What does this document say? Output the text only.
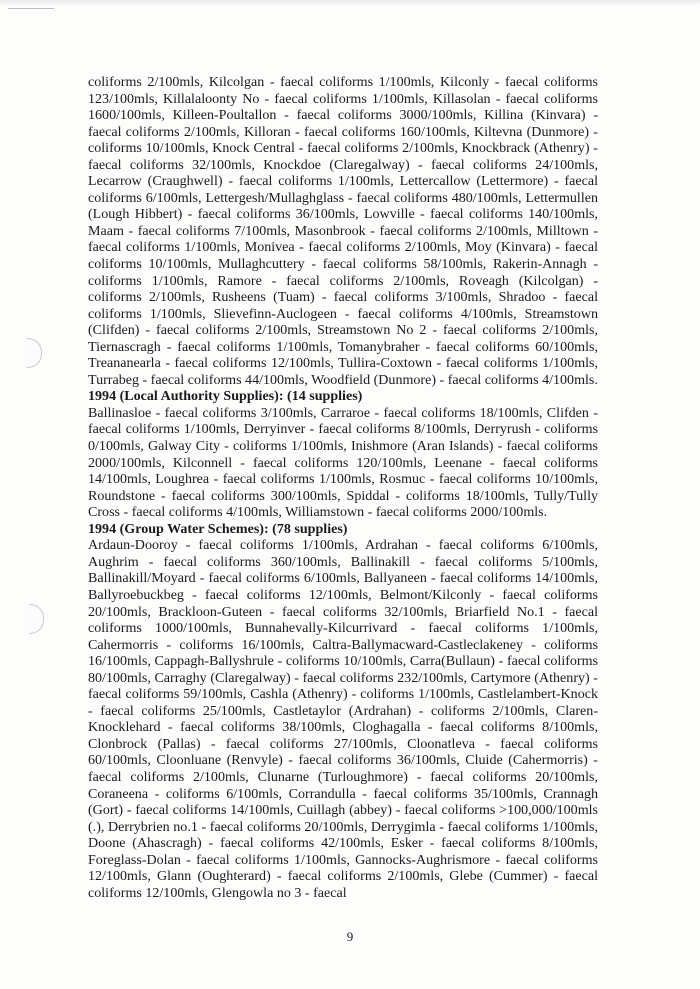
coliforms 2/100mls, Kilcolgan - faecal coliforms 1/100mls, Kilconly - faecal coliforms 123/100mls, Killalaloonty No - faecal coliforms 1/100mls, Killasolan - faecal coliforms 1600/100mls, Killeen-Poultallon - faecal coliforms 3000/100mls, Killina (Kinvara) - faecal coliforms 2/100mls, Killoran - faecal coliforms 160/100mls, Kiltevna (Dunmore) - coliforms 10/100mls, Knock Central - faecal coliforms 2/100mls, Knockbrack (Athenry) - faecal coliforms 32/100mls, Knockdoe (Claregalway) - faecal coliforms 24/100mls, Lecarrow (Craughwell) - faecal coliforms 1/100mls, Lettercallow (Lettermore) - faecal coliforms 6/100mls, Lettergesh/Mullaghglass - faecal coliforms 480/100mls, Lettermullen (Lough Hibbert) - faecal coliforms 36/100mls, Lowville - faecal coliforms 140/100mls, Maam - faecal coliforms 7/100mls, Masonbrook - faecal coliforms 2/100mls, Milltown - faecal coliforms 1/100mls, Monivea - faecal coliforms 2/100mls, Moy (Kinvara) - faecal coliforms 10/100mls, Mullaghcuttery - faecal coliforms 58/100mls, Rakerin-Annagh - coliforms 1/100mls, Ramore - faecal coliforms 2/100mls, Roveagh (Kilcolgan) - coliforms 2/100mls, Rusheens (Tuam) - faecal coliforms 3/100mls, Shradoo - faecal coliforms 1/100mls, Slievefinn-Auclogeen - faecal coliforms 4/100mls, Streamstown (Clifden) - faecal coliforms 2/100mls, Streamstown No 2 - faecal coliforms 2/100mls, Tiernascragh - faecal coliforms 1/100mls, Tomanybraher - faecal coliforms 60/100mls, Treananearla - faecal coliforms 12/100mls, Tullira-Coxtown - faecal coliforms 1/100mls, Turrabeg - faecal coliforms 44/100mls, Woodfield (Dunmore) - faecal coliforms 4/100mls.

1994 (Local Authority Supplies): (14 supplies)

Ballinasloe - faecal coliforms 3/100mls, Carraroe - faecal coliforms 18/100mls, Clifden - faecal coliforms 1/100mls, Derryinver - faecal coliforms 8/100mls, Derryrush - coliforms 0/100mls, Galway City - coliforms 1/100mls, Inishmore (Aran Islands) - faecal coliforms 2000/100mls, Kilconnell - faecal coliforms 120/100mls, Leenane - faecal coliforms 14/100mls, Loughrea - faecal coliforms 1/100mls, Rosmuc - faecal coliforms 10/100mls, Roundstone - faecal coliforms 300/100mls, Spiddal - coliforms 18/100mls, Tully/Tully Cross - faecal coliforms 4/100mls, Williamstown - faecal coliforms 2000/100mls.

1994 (Group Water Schemes): (78 supplies)

Ardaun-Dooroy - faecal coliforms 1/100mls, Ardrahan - faecal coliforms 6/100mls, Aughrim - faecal coliforms 360/100mls, Ballinakill - faecal coliforms 5/100mls, Ballinakill/Moyard - faecal coliforms 6/100mls, Ballyaneen - faecal coliforms 14/100mls, Ballyroebuckbeg - faecal coliforms 12/100mls, Belmont/Kilconly - faecal coliforms 20/100mls, Brackloon-Guteen - faecal coliforms 32/100mls, Briarfield No.1 - faecal coliforms 1000/100mls, Bunnahevally-Kilcurrivard - faecal coliforms 1/100mls, Cahermorris - coliforms 16/100mls, Caltra-Ballymacward-Castleclakeney - coliforms 16/100mls, Cappagh-Ballyshrule - coliforms 10/100mls, Carra(Bullaun) - faecal coliforms 80/100mls, Carraghy (Claregalway) - faecal coliforms 232/100mls, Cartymore (Athenry) - faecal coliforms 59/100mls, Cashla (Athenry) - coliforms 1/100mls, Castlelambert-Knock - faecal coliforms 25/100mls, Castletaylor (Ardrahan) - coliforms 2/100mls, Claren-Knocklehard - faecal coliforms 38/100mls, Cloghagalla - faecal coliforms 8/100mls, Clonbrock (Pallas) - faecal coliforms 27/100mls, Cloonatleva - faecal coliforms 60/100mls, Cloonluane (Renvyle) - faecal coliforms 36/100mls, Cluide (Cahermorris) - faecal coliforms 2/100mls, Clunarne (Turloughmore) - faecal coliforms 20/100mls, Coraneena - coliforms 6/100mls, Corrandulla - faecal coliforms 35/100mls, Crannagh (Gort) - faecal coliforms 14/100mls, Cuillagh (abbey) - faecal coliforms >100,000/100mls (.), Derrybrien no.1 - faecal coliforms 20/100mls, Derrygimla - faecal coliforms 1/100mls, Doone (Ahascragh) - faecal coliforms 42/100mls, Esker - faecal coliforms 8/100mls, Foreglass-Dolan - faecal coliforms 1/100mls, Gannocks-Aughrismore - faecal coliforms 12/100mls, Glann (Oughterard) - faecal coliforms 2/100mls, Glebe (Cummer) - faecal coliforms 12/100mls, Glengowla no 3 - faecal

9
